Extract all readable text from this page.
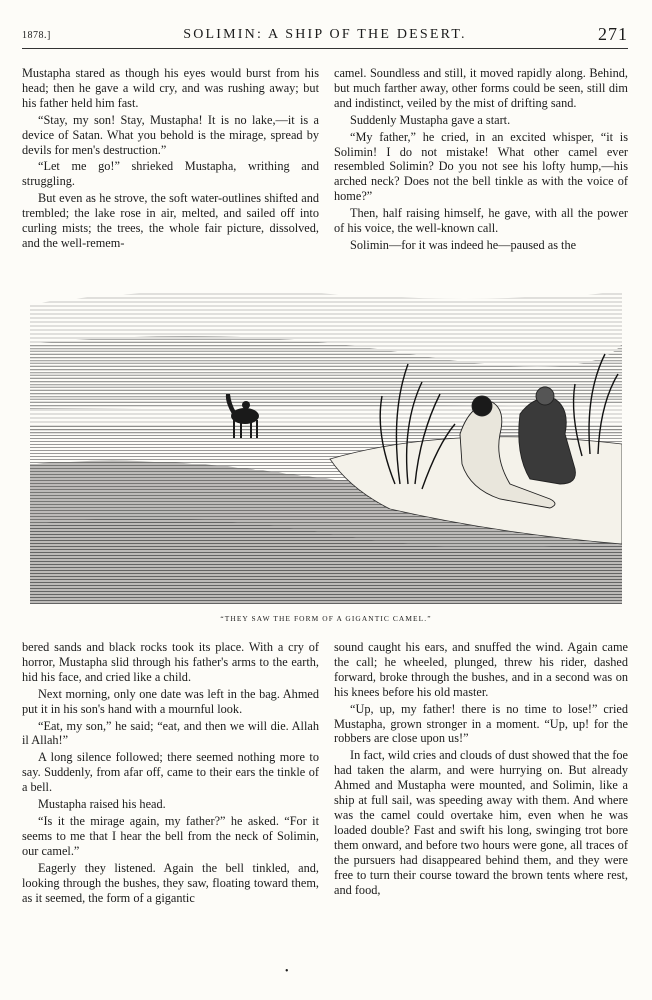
1878.]	SOLIMIN: A SHIP OF THE DESERT.	271

Mustapha stared as though his eyes would burst from his head; then he gave a wild cry, and was rushing away; but his father held him fast.

“Stay, my son! Stay, Mustapha! It is no lake,—it is a device of Satan. What you behold is the mirage, spread by devils for men's destruction.”

“Let me go!” shrieked Mustapha, writhing and struggling.

But even as he strove, the soft water-outlines shifted and trembled; the lake rose in air, melted, and sailed off into curling mists; the trees, the whole fair picture, dissolved, and the well-remem-

camel. Soundless and still, it moved rapidly along. Behind, but much farther away, other forms could be seen, still dim and indistinct, veiled by the mist of drifting sand.

Suddenly Mustapha gave a start.

“My father,” he cried, in an excited whisper, “it is Solimin! I do not mistake! What other camel ever resembled Solimin? Do you not see his lofty hump,—his arched neck? Does not the bell tinkle as with the voice of home?”

Then, half raising himself, he gave, with all the power of his voice, the well-known call.

Solimin—for it was indeed he—paused as the

“THEY SAW THE FORM OF A GIGANTIC CAMEL.”

bered sands and black rocks took its place. With a cry of horror, Mustapha slid through his father's arms to the earth, hid his face, and cried like a child.

Next morning, only one date was left in the bag. Ahmed put it in his son's hand with a mournful look.

“Eat, my son,” he said; “eat, and then we will die. Allah il Allah!”

A long silence followed; there seemed nothing more to say. Suddenly, from afar off, came to their ears the tinkle of a bell.

Mustapha raised his head.

“Is it the mirage again, my father?” he asked. “For it seems to me that I hear the bell from the neck of Solimin, our camel.”

Eagerly they listened. Again the bell tinkled, and, looking through the bushes, they saw, floating toward them, as it seemed, the form of a gigantic

sound caught his ears, and snuffed the wind. Again came the call; he wheeled, plunged, threw his rider, dashed forward, broke through the bushes, and in a second was on his knees before his old master.

“Up, up, my father! there is no time to lose!” cried Mustapha, grown stronger in a moment. “Up, up! for the robbers are close upon us!”

In fact, wild cries and clouds of dust showed that the foe had taken the alarm, and were hurrying on. But already Ahmed and Mustapha were mounted, and Solimin, like a ship at full sail, was speeding away with them. And where was the camel could overtake him, even when he was loaded double? Fast and swift his long, swinging trot bore them onward, and before two hours were gone, all traces of the pursuers had disappeared behind them, and they were free to turn their course toward the brown tents where rest, and food,

•
